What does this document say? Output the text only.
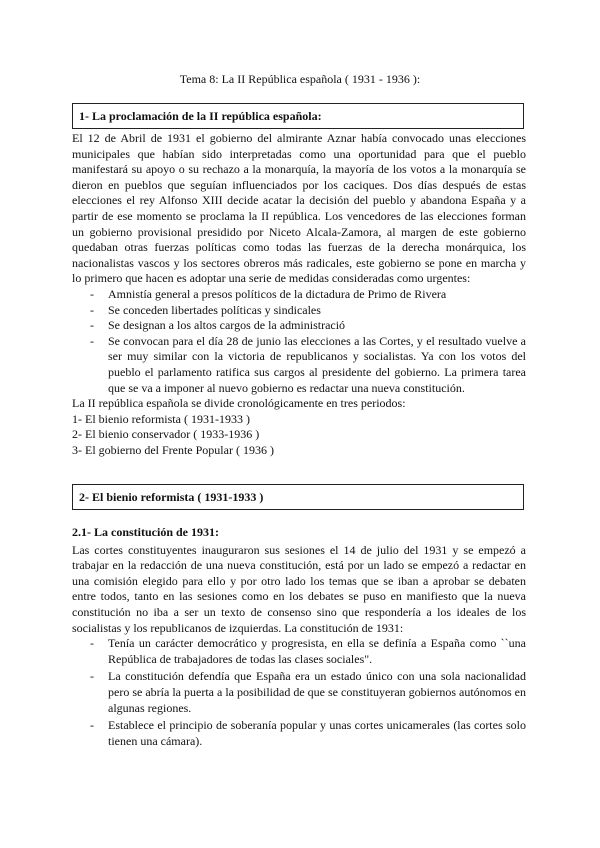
Tema 8: La II República española ( 1931 - 1936 ):
1- La proclamación de la II república española:

El 12 de Abril de 1931 el gobierno del almirante Aznar había convocado unas elecciones municipales que habían sido interpretadas como una oportunidad para que el pueblo manifestará su apoyo o su rechazo a la monarquía, la mayoría de los votos a la monarquía se dieron en pueblos que seguían influenciados por los caciques. Dos días después de estas elecciones el rey Alfonso XIII decide acatar la decisión del pueblo y abandona España y a partir de ese momento se proclama la II república. Los vencedores de las elecciones forman un gobierno provisional presidido por Niceto Alcala-Zamora, al margen de este gobierno quedaban otras fuerzas políticas como todas las fuerzas de la derecha monárquica, los nacionalistas vascos y los sectores obreros más radicales, este gobierno se pone en marcha y lo primero que hacen es adoptar una serie de medidas consideradas como urgentes:

- Amnistía general a presos políticos de la dictadura de Primo de Rivera
- Se conceden libertades políticas y sindicales
- Se designan a los altos cargos de la administració
- Se convocan para el día 28 de junio las elecciones a las Cortes, y el resultado vuelve a ser muy similar con la victoria de republicanos y socialistas. Ya con los votos del pueblo el parlamento ratifica sus cargos al presidente del gobierno. La primera tarea que se va a imponer al nuevo gobierno es redactar una nueva constitución.

La II república española se divide cronológicamente en tres periodos:

1- El bienio reformista ( 1931-1933 )

2- El bienio conservador ( 1933-1936 )

3- El gobierno del Frente Popular ( 1936 )

2- El bienio reformista ( 1931-1933 )

2.1- La constitución de 1931:

Las cortes constituyentes inauguraron sus sesiones el 14 de julio del 1931 y se empezó a trabajar en la redacción de una nueva constitución, está por un lado se empezó a redactar en una comisión elegido para ello y por otro lado los temas que se iban a aprobar se debaten entre todos, tanto en las sesiones como en los debates se puso en manifiesto que la nueva constitución no iba a ser un texto de consenso sino que respondería a los ideales de los socialistas y los republicanos de izquierdas. La constitución de 1931:

- Tenía un carácter democrático y progresista, en ella se definía a España como ``una República de trabajadores de todas las clases sociales".
- La constitución defendía que España era un estado único con una sola nacionalidad pero se abría la puerta a la posibilidad de que se constituyeran gobiernos autónomos en algunas regiones.
- Establece el principio de soberanía popular y unas cortes unicamerales (las cortes solo tienen una cámara).
